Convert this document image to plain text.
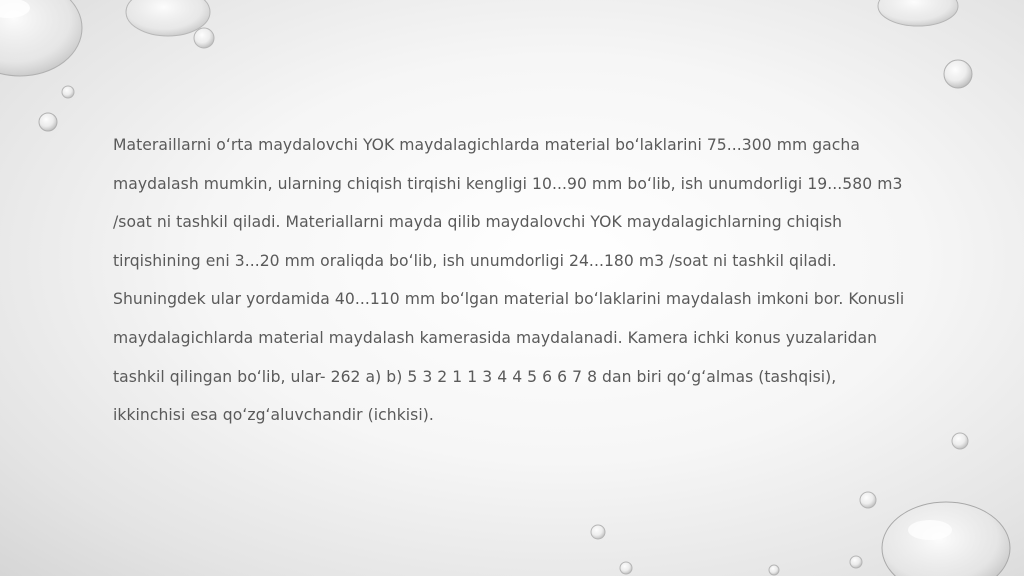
Materaillarni oʻrta maydalovchi YOK maydalagichlarda material boʻlaklarini 75...300 mm gacha maydalash mumkin, ularning chiqish tirqishi kengligi 10...90 mm boʻlib, ish unumdorligi 19...580 m3 /soat ni tashkil qiladi. Materiallarni mayda qilib maydalovchi YOK maydalagichlarning chiqish tirqishining eni 3...20 mm oraliqda boʻlib, ish unumdorligi 24...180 m3 /soat ni tashkil qiladi. Shuningdek ular yordamida 40...110 mm boʻlgan material boʻlaklarini maydalash imkoni bor. Konusli maydalagichlarda material maydalash kamerasida maydalanadi. Kamera ichki konus yuzalaridan tashkil qilingan boʻlib, ular- 262 a) b) 5 3 2 1 1 3 4 4 5 6 6 7 8 dan biri qoʻgʻalmas (tashqisi), ikkinchisi esa qoʻzgʻaluvchandir (ichkisi).
